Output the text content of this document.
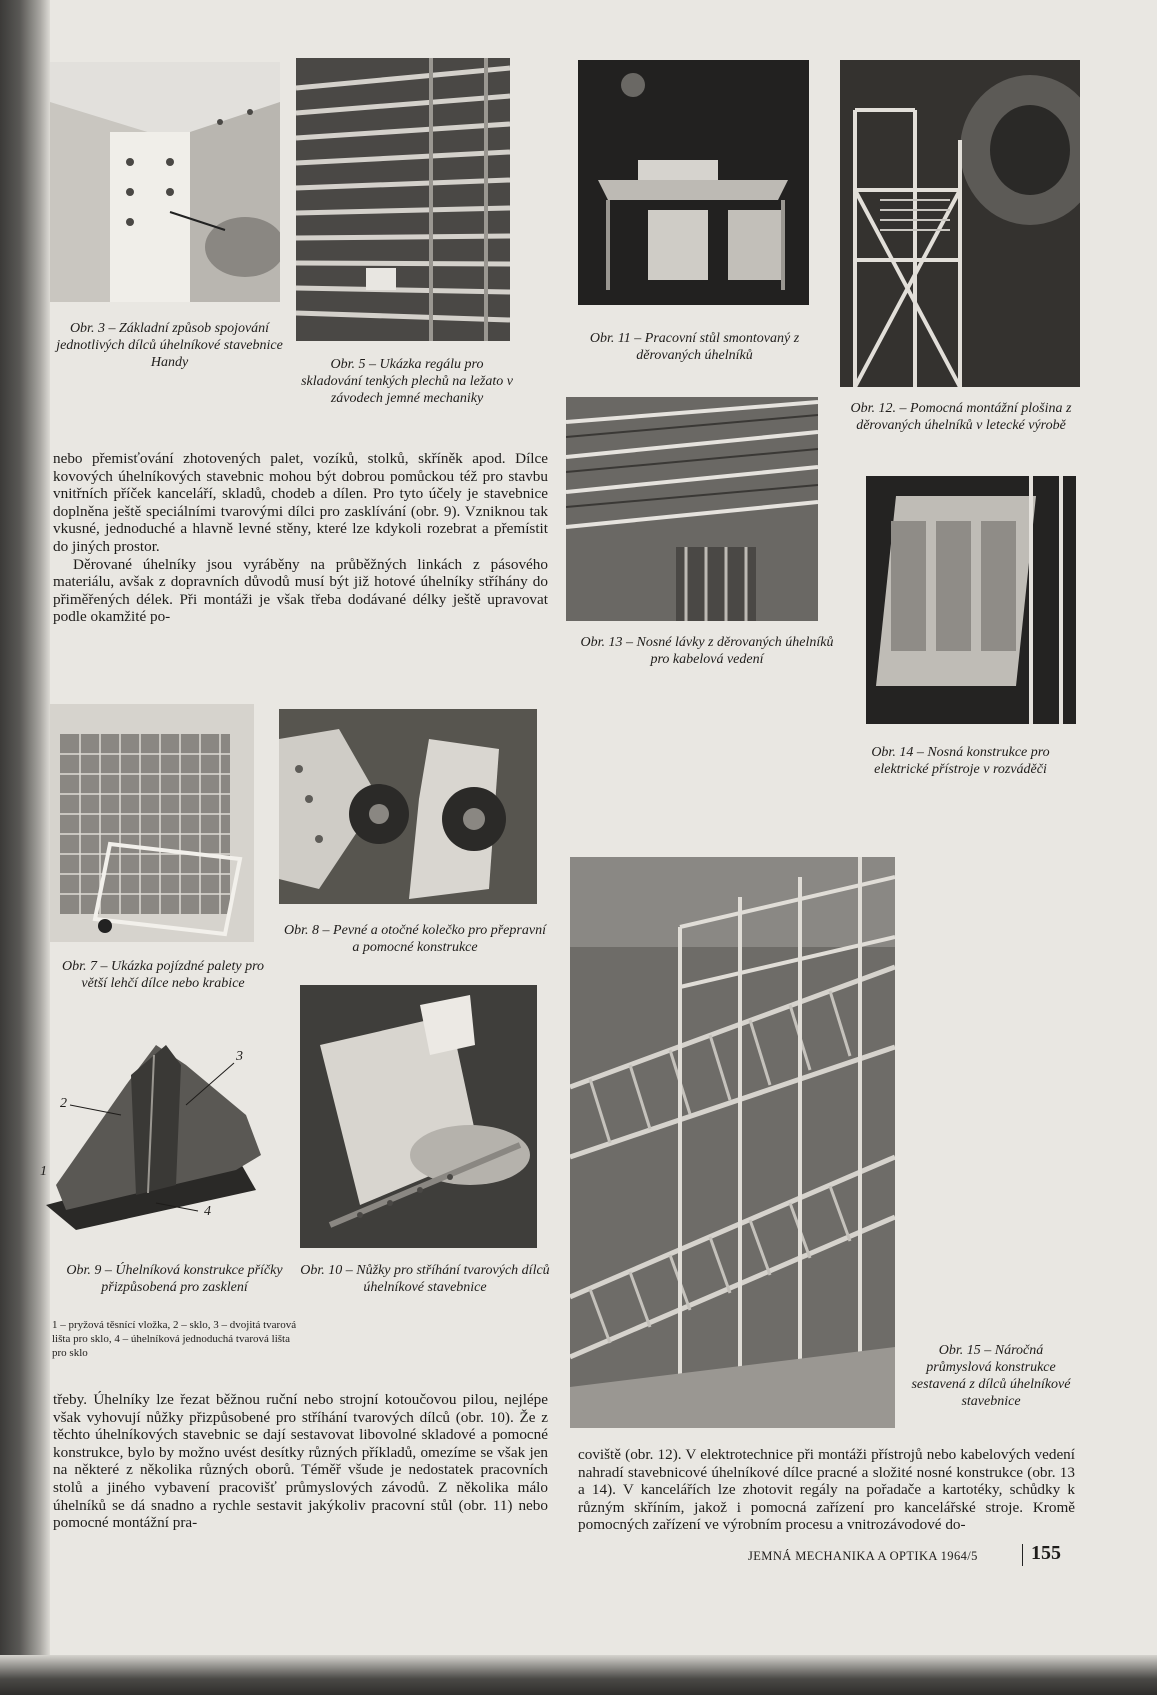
Obr. 3 – Základní způsob spojování jednotlivých dílců úhelníkové stavebnice Handy	Obr. 5 – Ukázka regálu pro skladování tenkých plechů na ležato v závodech jemné mechaniky
Obr. 11 – Pracovní stůl smontovaný z děrovaných úhelníků
Obr. 12. – Pomocná montážní plošina z děrovaných úhelníků v letecké výrobě
Obr. 13 – Nosné lávky z děrovaných úhelníků pro kabelová vedení
Obr. 14 – Nosná konstrukce pro elektrické přístroje v rozváděči
Obr. 7 – Ukázka pojízdné palety pro větší lehčí dílce nebo krabice
Obr. 8 – Pevné a otočné kolečko pro přepravní a pomocné konstrukce
3
2
1
4
Obr. 9 – Úhelníková konstrukce příčky přizpůsobená pro zasklení
1 – pryžová těsnící vložka, 2 – sklo, 3 – dvojitá tvarová lišta pro sklo, 4 – úhelníková jednoduchá tvarová lišta pro sklo
Obr. 10 – Nůžky pro stříhání tvarových dílců úhelníkové stavebnice
Obr. 15 – Náročná průmyslová konstrukce sestavená z dílců úhelníkové stavebnice

nebo přemisťování zhotovených palet, vozíků, stolků, skříněk apod. Dílce kovových úhelníkových stavebnic mohou být dobrou pomůckou též pro stavbu vnitřních příček kanceláří, skladů, chodeb a dílen. Pro tyto účely je stavebnice doplněna ještě speciálními tvarovými dílci pro zasklívání (obr. 9). Vzniknou tak vkusné, jednoduché a hlavně levné stěny, které lze kdykoli rozebrat a přemístit do jiných prostor.

Děrované úhelníky jsou vyráběny na průběžných linkách z pásového materiálu, avšak z dopravních důvodů musí být již hotové úhelníky stříhány do přiměřených délek. Při montáži je však třeba dodávané délky ještě upravovat podle okamžité po-

třeby. Úhelníky lze řezat běžnou ruční nebo strojní kotoučovou pilou, nejlépe však vyhovují nůžky přizpůsobené pro stříhání tvarových dílců (obr. 10). Že z těchto úhelníkových stavebnic se dají sestavovat libovolné skladové a pomocné konstrukce, bylo by možno uvést desítky různých příkladů, omezíme se však jen na některé z několika různých oborů. Téměř všude je nedostatek pracovních stolů a jiného vybavení pracovišť průmyslových závodů. Z několika málo úhelníků se dá snadno a rychle sestavit jakýkoliv pracovní stůl (obr. 11) nebo pomocné montážní pra-

coviště (obr. 12). V elektrotechnice při montáži přístrojů nebo kabelových vedení nahradí stavebnicové úhelníkové dílce pracné a složité nosné konstrukce (obr. 13 a 14). V kancelářích lze zhotovit regály na pořadače a kartotéky, schůdky k různým skříním, jakož i pomocná zařízení pro kancelářské stroje. Kromě pomocných zařízení ve výrobním procesu a vnitrozávodové do-

JEMNÁ MECHANIKA A OPTIKA 1964/5	155
